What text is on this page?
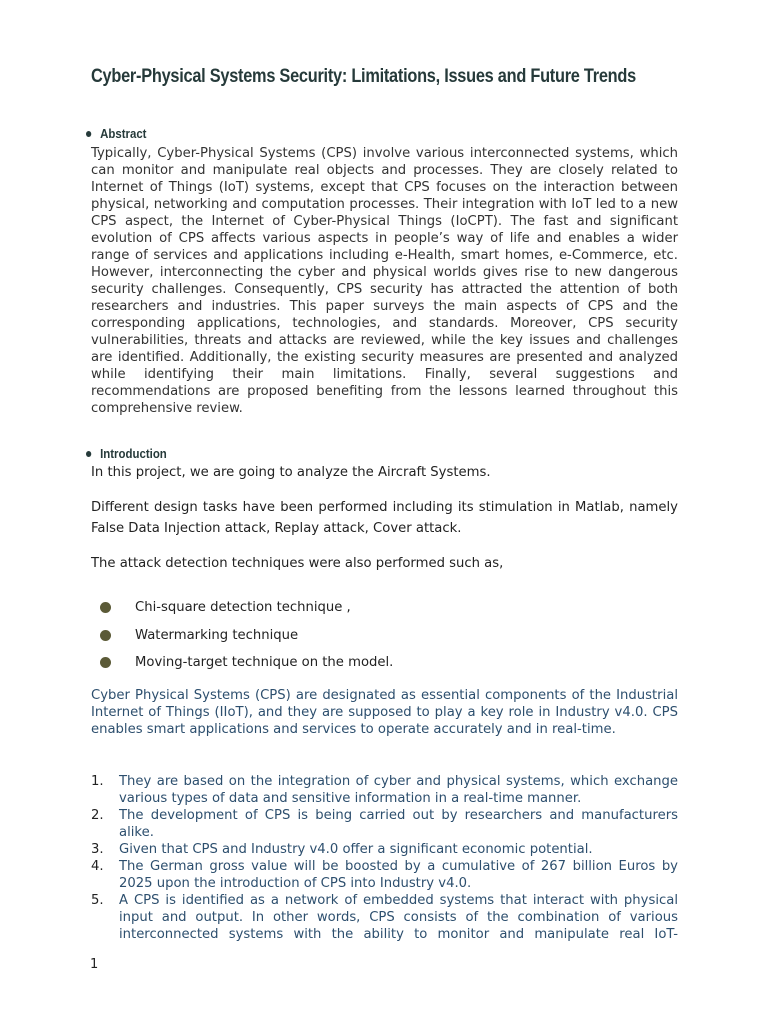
Cyber-Physical Systems Security: Limitations, Issues and Future Trends
Abstract
Typically, Cyber-Physical Systems (CPS) involve various interconnected systems, which can monitor and manipulate real objects and processes. They are closely related to Internet of Things (IoT) systems, except that CPS focuses on the interaction between physical, networking and computation processes. Their integration with IoT led to a new CPS aspect, the Internet of Cyber-Physical Things (IoCPT). The fast and significant evolution of CPS affects various aspects in people’s way of life and enables a wider range of services and applications including e-Health, smart homes, e-Commerce, etc. However, interconnecting the cyber and physical worlds gives rise to new dangerous security challenges. Consequently, CPS security has attracted the attention of both researchers and industries. This paper surveys the main aspects of CPS and the corresponding applications, technologies, and standards. Moreover, CPS security vulnerabilities, threats and attacks are reviewed, while the key issues and challenges are identified. Additionally, the existing security measures are presented and analyzed while identifying their main limitations. Finally, several suggestions and recommendations are proposed benefiting from the lessons learned throughout this comprehensive review.
Introduction
In this project, we are going to analyze the Aircraft Systems.
Different design tasks have been performed including its stimulation in Matlab, namely False Data Injection attack, Replay attack, Cover attack.
The attack detection techniques were also performed such as,
Chi-square detection technique ,
Watermarking technique
Moving-target technique on the model.
Cyber Physical Systems (CPS) are designated as essential components of the Industrial Internet of Things (IIoT), and they are supposed to play a key role in Industry v4.0. CPS enables smart applications and services to operate accurately and in real-time.
1.	They are based on the integration of cyber and physical systems, which exchange various types of data and sensitive information in a real-time manner.
2.	The development of CPS is being carried out by researchers and manufacturers alike.
3.	Given that CPS and Industry v4.0 offer a significant economic potential.
4.	The German gross value will be boosted by a cumulative of 267 billion Euros by 2025 upon the introduction of CPS into Industry v4.0.
5.	A CPS is identified as a network of embedded systems that interact with physical input and output. In other words, CPS consists of the combination of various interconnected systems with the ability to monitor and manipulate real IoT-
1
